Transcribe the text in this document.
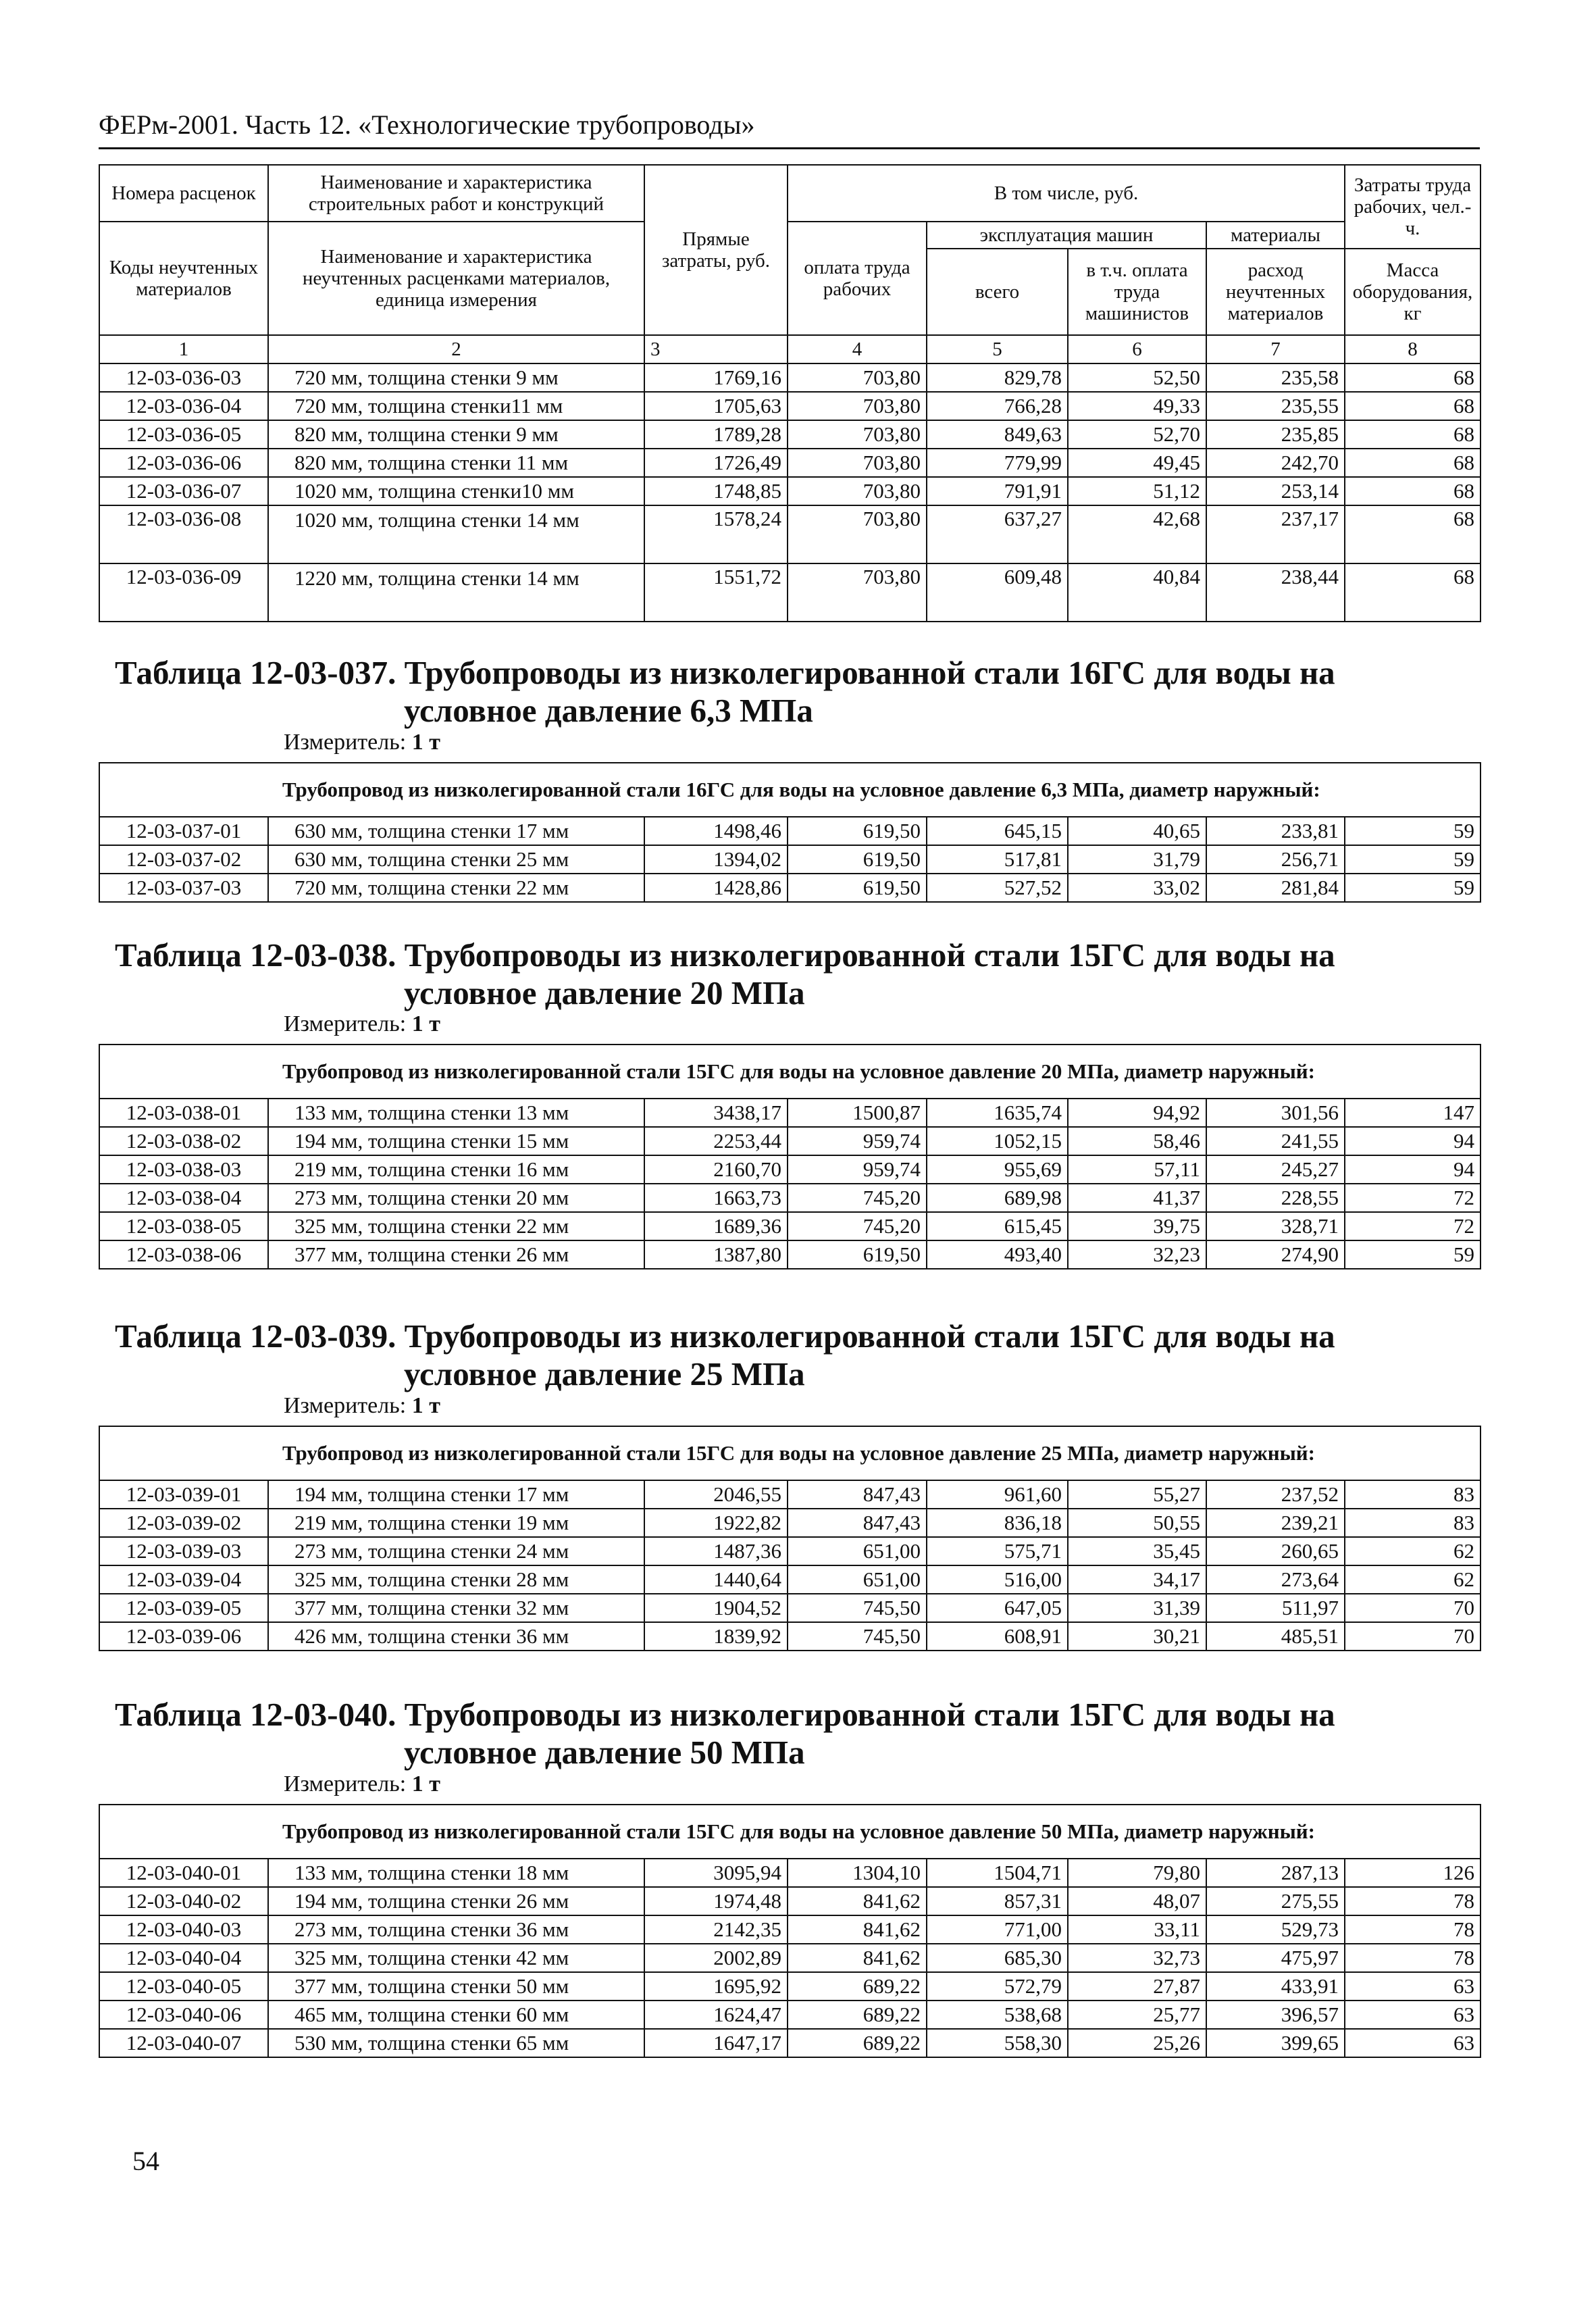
ФЕРм-2001. Часть 12. «Технологические трубопроводы»
Номера расценок	Наименование и характеристика строительных работ и конструкций	Прямые затраты, руб.	В том числе, руб.				Затраты труда рабочих, чел.-ч.
Коды неучтенных материалов	Наименование и характеристика неучтенных расценками материалов, единица измерения		оплата труда рабочих	эксплуатация машин		материалы	
				всего	в т.ч. оплата труда машинистов	расход неучтенных материалов	Масса оборудования, кг
1	2	3	4	5	6	7	8
12-03-036-03	720 мм, толщина стенки 9 мм	1769,16	703,80	829,78	52,50	235,58	68
12-03-036-04	720 мм, толщина стенки11 мм	1705,63	703,80	766,28	49,33	235,55	68
12-03-036-05	820 мм, толщина стенки 9 мм	1789,28	703,80	849,63	52,70	235,85	68
12-03-036-06	820 мм, толщина стенки 11 мм	1726,49	703,80	779,99	49,45	242,70	68
12-03-036-07	1020 мм, толщина стенки10 мм	1748,85	703,80	791,91	51,12	253,14	68
12-03-036-08	1020 мм, толщина стенки 14 мм	1578,24	703,80	637,27	42,68	237,17	68
12-03-036-09	1220 мм, толщина стенки 14 мм	1551,72	703,80	609,48	40,84	238,44	68
Таблица 12-03-037. Трубопроводы из низколегированной стали 16ГС для воды на
условное давление 6,3 МПа
Измеритель: 1 т
Трубопровод из низколегированной стали 16ГС для воды на условное давление 6,3 МПа, диаметр наружный:							
12-03-037-01	630 мм, толщина стенки 17 мм	1498,46	619,50	645,15	40,65	233,81	59
12-03-037-02	630 мм, толщина стенки 25 мм	1394,02	619,50	517,81	31,79	256,71	59
12-03-037-03	720 мм, толщина стенки 22 мм	1428,86	619,50	527,52	33,02	281,84	59
Таблица 12-03-038. Трубопроводы из низколегированной стали 15ГС для воды на
условное давление 20 МПа
Измеритель: 1 т
Трубопровод из низколегированной стали 15ГС для воды на условное давление 20 МПа, диаметр наружный:							
12-03-038-01	133 мм, толщина стенки 13 мм	3438,17	1500,87	1635,74	94,92	301,56	147
12-03-038-02	194 мм, толщина стенки 15 мм	2253,44	959,74	1052,15	58,46	241,55	94
12-03-038-03	219 мм, толщина стенки 16 мм	2160,70	959,74	955,69	57,11	245,27	94
12-03-038-04	273 мм, толщина стенки 20 мм	1663,73	745,20	689,98	41,37	228,55	72
12-03-038-05	325 мм, толщина стенки 22 мм	1689,36	745,20	615,45	39,75	328,71	72
12-03-038-06	377 мм, толщина стенки 26 мм	1387,80	619,50	493,40	32,23	274,90	59
Таблица 12-03-039. Трубопроводы из низколегированной стали 15ГС для воды на
условное давление 25 МПа
Измеритель: 1 т
Трубопровод из низколегированной стали 15ГС для воды на условное давление 25 МПа, диаметр наружный:							
12-03-039-01	194 мм, толщина стенки 17 мм	2046,55	847,43	961,60	55,27	237,52	83
12-03-039-02	219 мм, толщина стенки 19 мм	1922,82	847,43	836,18	50,55	239,21	83
12-03-039-03	273 мм, толщина стенки 24 мм	1487,36	651,00	575,71	35,45	260,65	62
12-03-039-04	325 мм, толщина стенки 28 мм	1440,64	651,00	516,00	34,17	273,64	62
12-03-039-05	377 мм, толщина стенки 32 мм	1904,52	745,50	647,05	31,39	511,97	70
12-03-039-06	426 мм, толщина стенки 36 мм	1839,92	745,50	608,91	30,21	485,51	70
Таблица 12-03-040. Трубопроводы из низколегированной стали 15ГС для воды на
условное давление 50 МПа
Измеритель: 1 т
Трубопровод из низколегированной стали 15ГС для воды на условное давление 50 МПа, диаметр наружный:							
12-03-040-01	133 мм, толщина стенки 18 мм	3095,94	1304,10	1504,71	79,80	287,13	126
12-03-040-02	194 мм, толщина стенки 26 мм	1974,48	841,62	857,31	48,07	275,55	78
12-03-040-03	273 мм, толщина стенки 36 мм	2142,35	841,62	771,00	33,11	529,73	78
12-03-040-04	325 мм, толщина стенки 42 мм	2002,89	841,62	685,30	32,73	475,97	78
12-03-040-05	377 мм, толщина стенки 50 мм	1695,92	689,22	572,79	27,87	433,91	63
12-03-040-06	465 мм, толщина стенки 60 мм	1624,47	689,22	538,68	25,77	396,57	63
12-03-040-07	530 мм, толщина стенки 65 мм	1647,17	689,22	558,30	25,26	399,65	63
54
